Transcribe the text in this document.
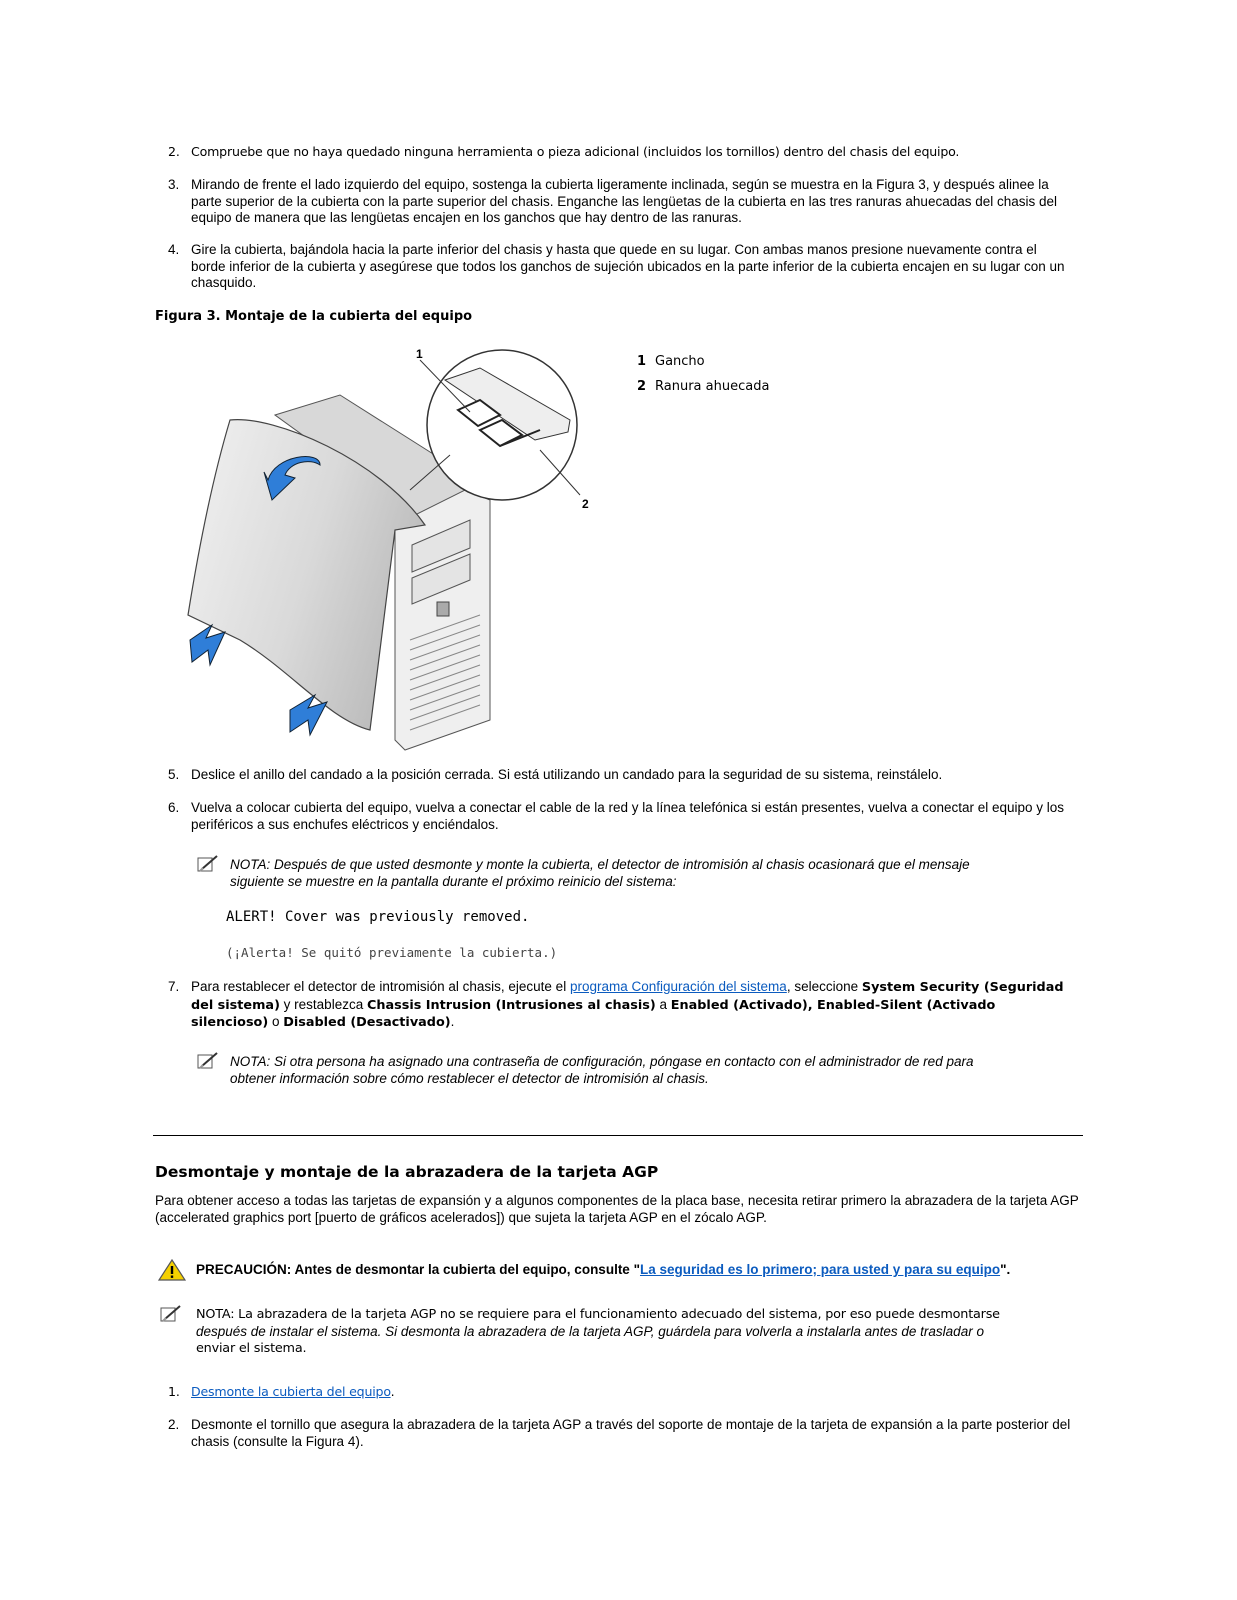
2. Compruebe que no haya quedado ninguna herramienta o pieza adicional (incluidos los tornillos) dentro del chasis del equipo.
3. Mirando de frente el lado izquierdo del equipo, sostenga la cubierta ligeramente inclinada, según se muestra en la Figura 3, y después alinee la parte superior de la cubierta con la parte superior del chasis. Enganche las lengüetas de la cubierta en las tres ranuras ahuecadas del chasis del equipo de manera que las lengüetas encajen en los ganchos que hay dentro de las ranuras.
4. Gire la cubierta, bajándola hacia la parte inferior del chasis y hasta que quede en su lugar. Con ambas manos presione nuevamente contra el borde inferior de la cubierta y asegúrese que todos los ganchos de sujeción ubicados en la parte inferior de la cubierta encajen en su lugar con un chasquido.
Figura 3. Montaje de la cubierta del equipo
1
2
1 Gancho
2 Ranura ahuecada
5. Deslice el anillo del candado a la posición cerrada. Si está utilizando un candado para la seguridad de su sistema, reinstálelo.
6. Vuelva a colocar cubierta del equipo, vuelva a conectar el cable de la red y la línea telefónica si están presentes, vuelva a conectar el equipo y los periféricos a sus enchufes eléctricos y enciéndalos.
NOTA: Después de que usted desmonte y monte la cubierta, el detector de intromisión al chasis ocasionará que el mensaje siguiente se muestre en la pantalla durante el próximo reinicio del sistema:
ALERT! Cover was previously removed.
(¡Alerta! Se quitó previamente la cubierta.)
7. Para restablecer el detector de intromisión al chasis, ejecute el programa Configuración del sistema, seleccione System Security (Seguridad del sistema) y restablezca Chassis Intrusion (Intrusiones al chasis) a Enabled (Activado), Enabled-Silent (Activado silencioso) o Disabled (Desactivado).
NOTA: Si otra persona ha asignado una contraseña de configuración, póngase en contacto con el administrador de red para obtener información sobre cómo restablecer el detector de intromisión al chasis.
Desmontaje y montaje de la abrazadera de la tarjeta AGP
Para obtener acceso a todas las tarjetas de expansión y a algunos componentes de la placa base, necesita retirar primero la abrazadera de la tarjeta AGP (accelerated graphics port [puerto de gráficos acelerados]) que sujeta la tarjeta AGP en el zócalo AGP.
PRECAUCIÓN: Antes de desmontar la cubierta del equipo, consulte "La seguridad es lo primero; para usted y para su equipo".
NOTA: La abrazadera de la tarjeta AGP no se requiere para el funcionamiento adecuado del sistema, por eso puede desmontarse
después de instalar el sistema. Si desmonta la abrazadera de la tarjeta AGP, guárdela para volverla a instalarla antes de trasladar o
enviar el sistema.
1. Desmonte la cubierta del equipo.
2. Desmonte el tornillo que asegura la abrazadera de la tarjeta AGP a través del soporte de montaje de la tarjeta de expansión a la parte posterior del chasis (consulte la Figura 4).
